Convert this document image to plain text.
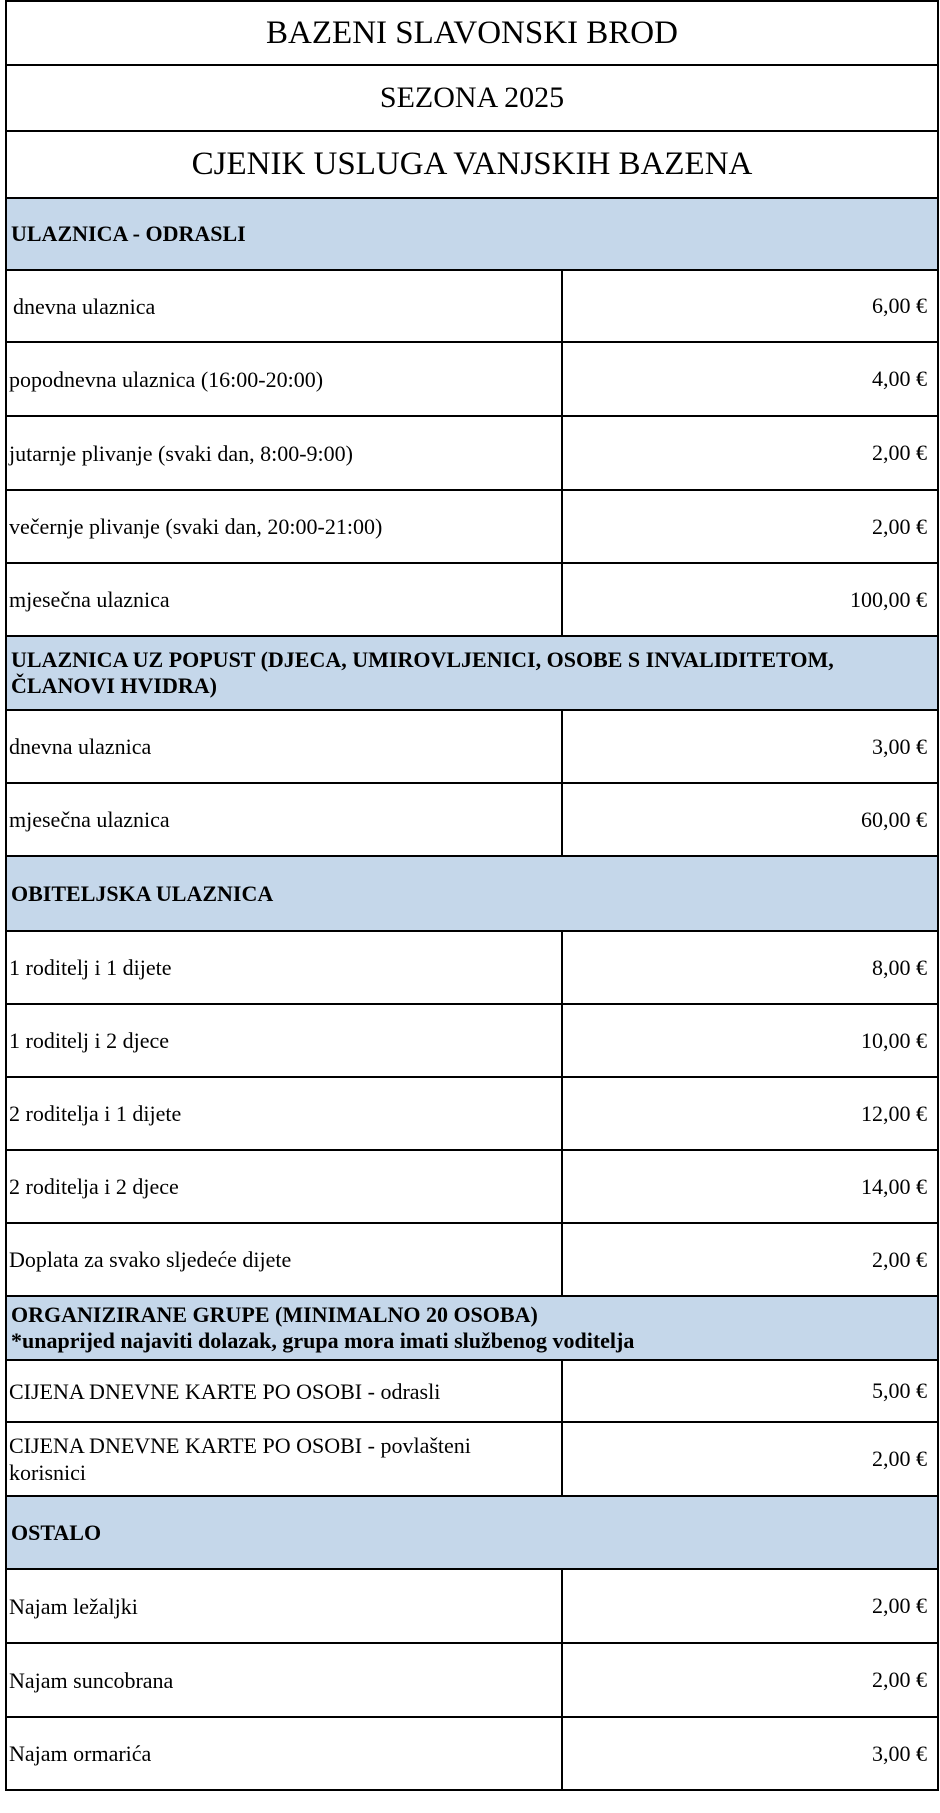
BAZENI SLAVONSKI BROD	
SEZONA 2025	
CJENIK USLUGA VANJSKIH BAZENA	
ULAZNICA - ODRASLI	
dnevna ulaznica	6,00 €
popodnevna ulaznica (16:00-20:00)	4,00 €
jutarnje plivanje (svaki dan, 8:00-9:00)	2,00 €
večernje plivanje (svaki dan, 20:00-21:00)	2,00 €
mjesečna ulaznica	100,00 €
ULAZNICA UZ POPUST (DJECA, UMIROVLJENICI, OSOBE S INVALIDITETOM, ČLANOVI HVIDRA)	
dnevna ulaznica	3,00 €
mjesečna ulaznica	60,00 €
OBITELJSKA ULAZNICA	
1 roditelj i 1 dijete	8,00 €
1 roditelj i 2 djece	10,00 €
2 roditelja i 1 dijete	12,00 €
2 roditelja i 2 djece	14,00 €
Doplata za svako sljedeće dijete	2,00 €

ORGANIZIRANE GRUPE (MINIMALNO 20 OSOBA)
*unaprijed najaviti dolazak, grupa mora imati službenog voditelja	

CIJENA DNEVNE KARTE PO OSOBI - odrasli	5,00 €
CIJENA DNEVNE KARTE PO OSOBI - povlašteni korisnici	2,00 €
OSTALO	
Najam ležaljki	2,00 €
Najam suncobrana	2,00 €
Najam ormarića	3,00 €
